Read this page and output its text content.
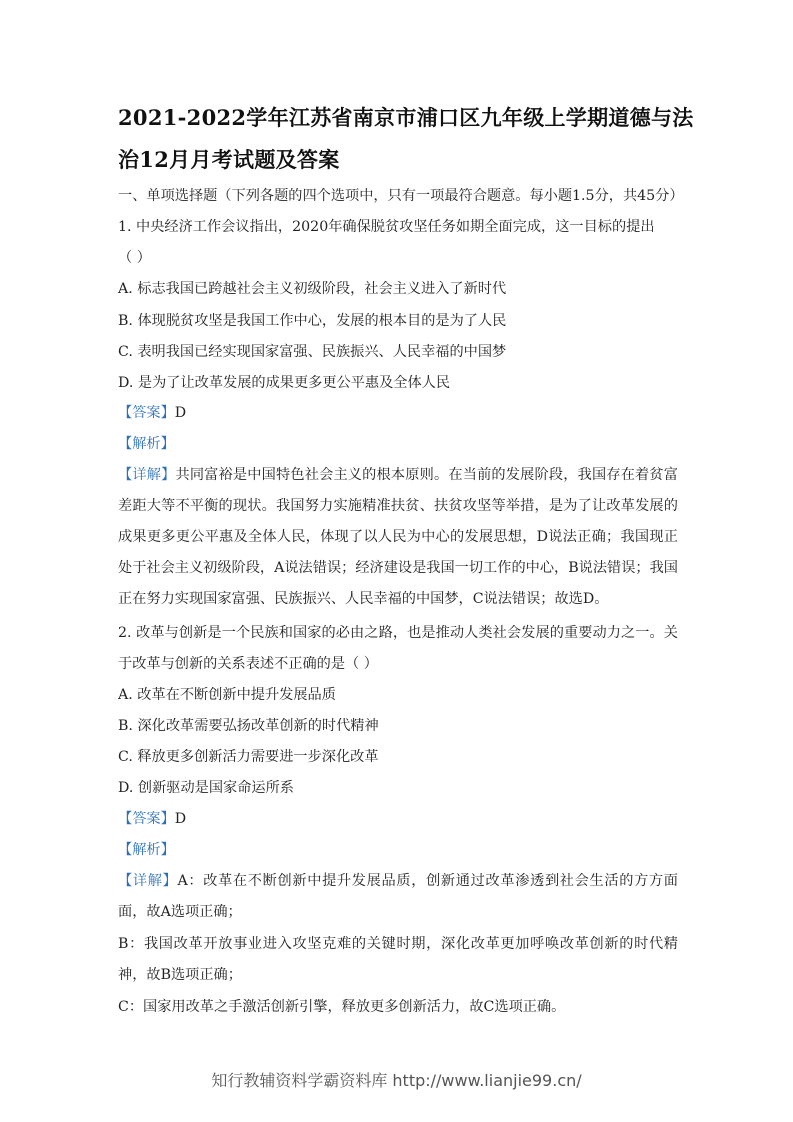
2021-2022学年江苏省南京市浦口区九年级上学期道德与法
治12月月考试题及答案
一、单项选择题（下列各题的四个选项中，只有一项最符合题意。每小题1.5分，共45分）
1. 中央经济工作会议指出，2020年确保脱贫攻坚任务如期全面完成，这一目标的提出
（ ）
A. 标志我国已跨越社会主义初级阶段，社会主义进入了新时代
B. 体现脱贫攻坚是我国工作中心，发展的根本目的是为了人民
C. 表明我国已经实现国家富强、民族振兴、人民幸福的中国梦
D. 是为了让改革发展的成果更多更公平惠及全体人民
【答案】D
【解析】
【详解】共同富裕是中国特色社会主义的根本原则。在当前的发展阶段，我国存在着贫富差距大等不平衡的现状。我国努力实施精准扶贫、扶贫攻坚等举措，是为了让改革发展的成果更多更公平惠及全体人民，体现了以人民为中心的发展思想，D说法正确；我国现正处于社会主义初级阶段，A说法错误；经济建设是我国一切工作的中心，B说法错误；我国正在努力实现国家富强、民族振兴、人民幸福的中国梦，C说法错误；故选D。
2. 改革与创新是一个民族和国家的必由之路，也是推动人类社会发展的重要动力之一。关于改革与创新的关系表述不正确的是（ ）
A. 改革在不断创新中提升发展品质
B. 深化改革需要弘扬改革创新的时代精神
C. 释放更多创新活力需要进一步深化改革
D. 创新驱动是国家命运所系
【答案】D
【解析】
【详解】A：改革在不断创新中提升发展品质，创新通过改革渗透到社会生活的方方面面，故A选项正确；
B：我国改革开放事业进入攻坚克难的关键时期，深化改革更加呼唤改革创新的时代精神，故B选项正确；
C：国家用改革之手激活创新引擎，释放更多创新活力，故C选项正确。
知行教辅资料学霸资料库 http://www.lianjie99.cn/
